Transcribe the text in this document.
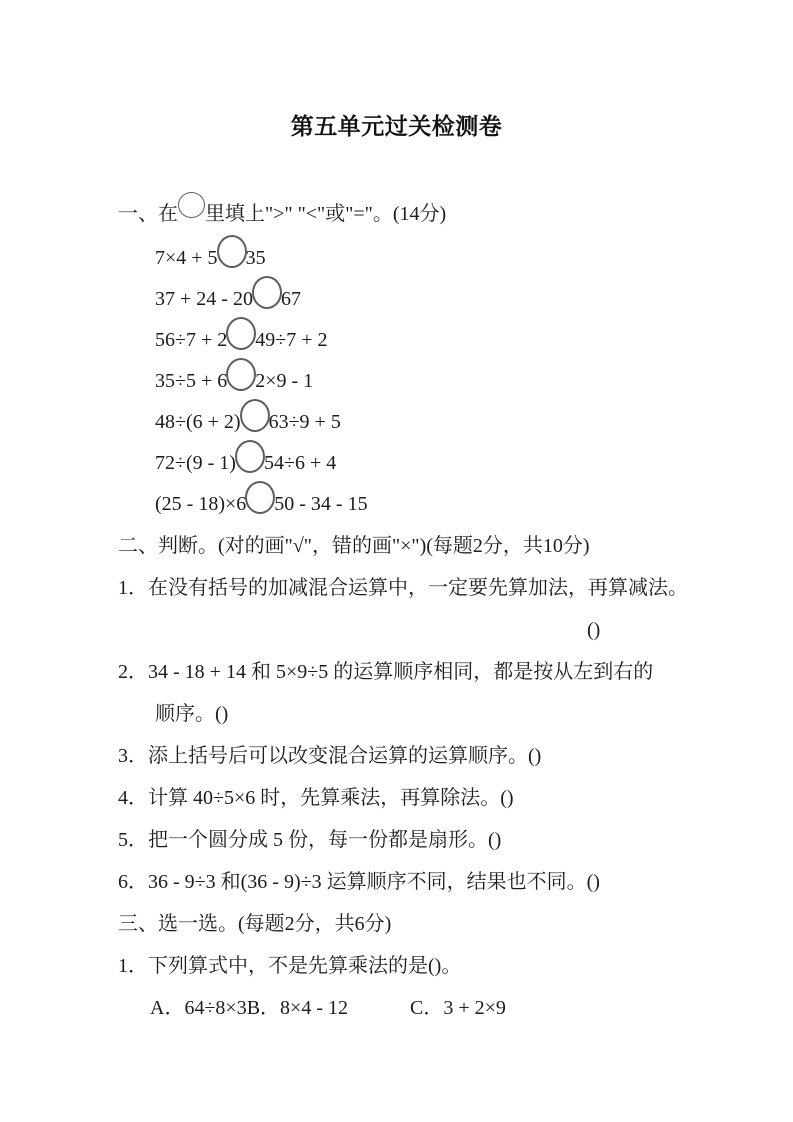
第五单元过关检测卷
一、在 里填上">" "<"或"="。(14分)
7×4 + 5 35
37 + 24 - 20 67
56÷7 + 2 49÷7 + 2
35÷5 + 6 2×9 - 1
48÷(6 + 2) 63÷9 + 5
72÷(9 - 1) 54÷6 + 4
(25 - 18)×6 50 - 34 - 15
二、判断。(对的画"√"，错的画"×")(每题2分，共10分)
1． 在没有括号的加减混合运算中，一定要先算加法，再算减法。
()
2． 34 - 18 + 14 和 5×9÷5 的运算顺序相同，都是按从左到右的
顺序。()
3． 添上括号后可以改变混合运算的运算顺序。()
4． 计算 40÷5×6 时，先算乘法，再算除法。()
5． 把一个圆分成 5 份，每一份都是扇形。()
6． 36 - 9÷3 和(36 - 9)÷3 运算顺序不同，结果也不同。()
三、选一选。(每题2分，共6分)
1． 下列算式中，不是先算乘法的是()。
A．64÷8×3 B．8×4 - 12	C．3 + 2×9
